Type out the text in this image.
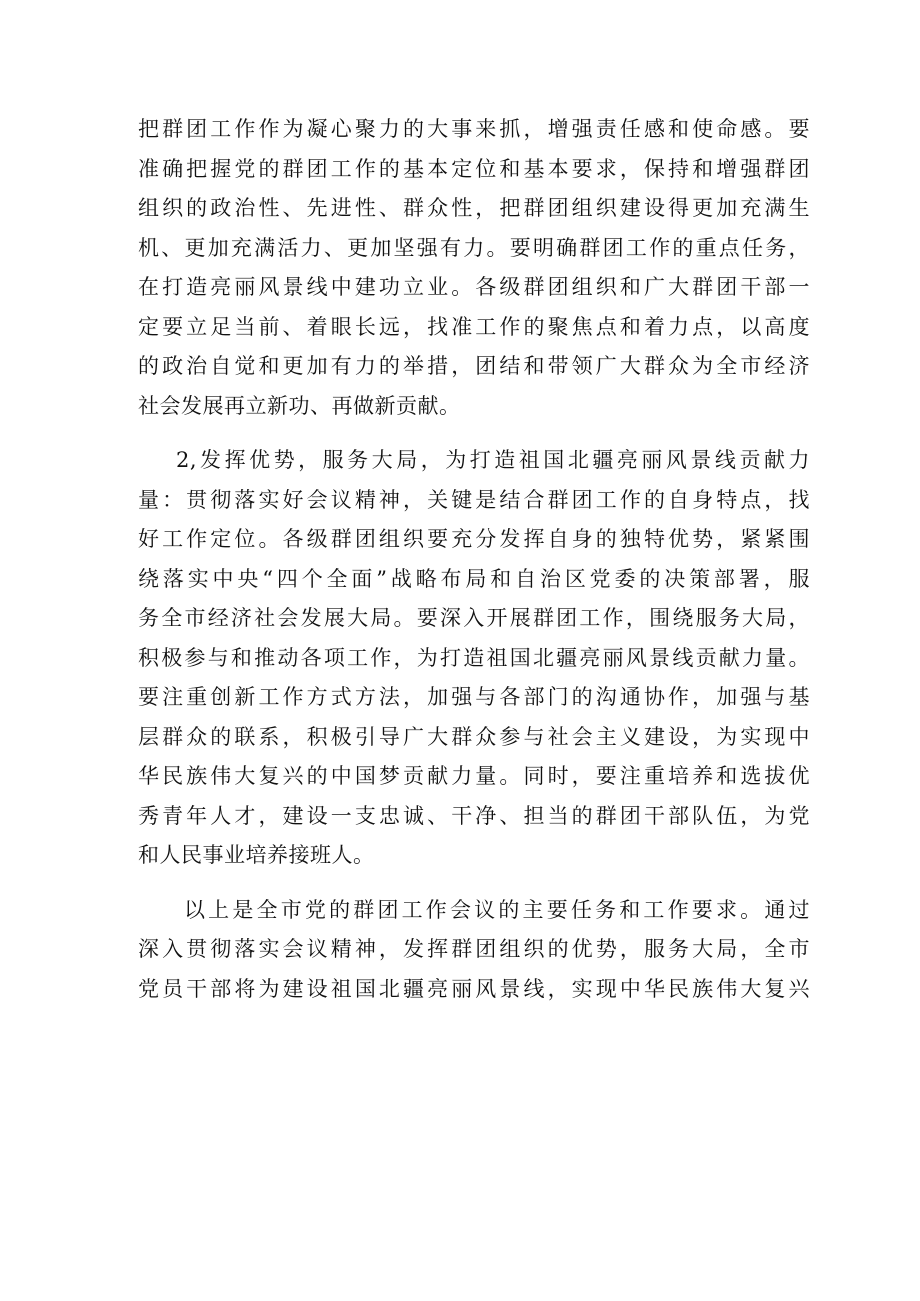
把群团工作作为凝心聚力的大事来抓，增强责任感和使命感。要
准确把握党的群团工作的基本定位和基本要求，保持和增强群团
组织的政治性、先进性、群众性，把群团组织建设得更加充满生
机、更加充满活力、更加坚强有力。要明确群团工作的重点任务，
在打造亮丽风景线中建功立业。各级群团组织和广大群团干部一
定要立足当前、着眼长远，找准工作的聚焦点和着力点，以高度
的政治自觉和更加有力的举措，团结和带领广大群众为全市经济
社会发展再立新功、再做新贡献。

2,发挥优势，服务大局，为打造祖国北疆亮丽风景线贡献力
量：贯彻落实好会议精神，关键是结合群团工作的自身特点，找
好工作定位。各级群团组织要充分发挥自身的独特优势，紧紧围
绕落实中央“四个全面”战略布局和自治区党委的决策部署，服
务全市经济社会发展大局。要深入开展群团工作，围绕服务大局，
积极参与和推动各项工作，为打造祖国北疆亮丽风景线贡献力量。
要注重创新工作方式方法，加强与各部门的沟通协作，加强与基
层群众的联系，积极引导广大群众参与社会主义建设，为实现中
华民族伟大复兴的中国梦贡献力量。同时，要注重培养和选拔优
秀青年人才，建设一支忠诚、干净、担当的群团干部队伍，为党
和人民事业培养接班人。

以上是全市党的群团工作会议的主要任务和工作要求。通过
深入贯彻落实会议精神，发挥群团组织的优势，服务大局，全市
党员干部将为建设祖国北疆亮丽风景线，实现中华民族伟大复兴
